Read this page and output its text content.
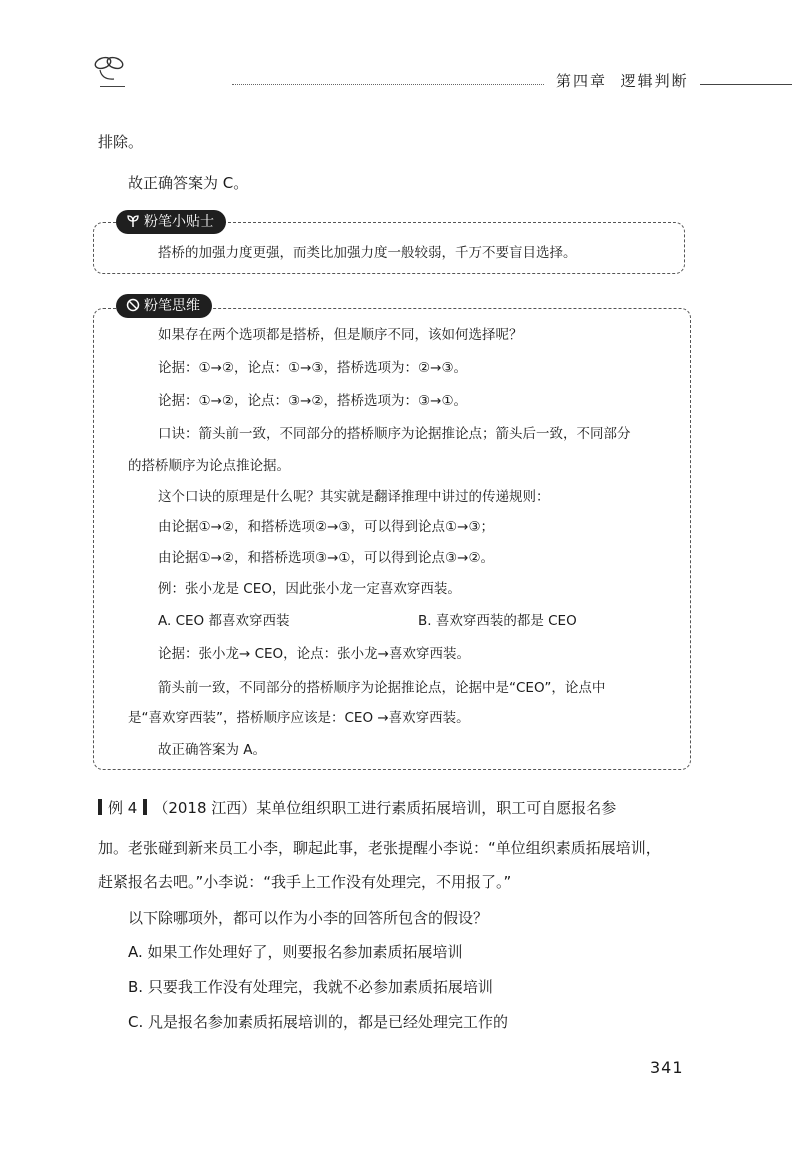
第四章 逻辑判断
排除。
故正确答案为 C。
粉笔小贴士
搭桥的加强力度更强，而类比加强力度一般较弱，千万不要盲目选择。
粉笔思维
如果存在两个选项都是搭桥，但是顺序不同，该如何选择呢？
论据：①→②，论点：①→③，搭桥选项为：②→③。
论据：①→②，论点：③→②，搭桥选项为：③→①。
口诀：箭头前一致，不同部分的搭桥顺序为论据推论点；箭头后一致，不同部分
的搭桥顺序为论点推论据。
这个口诀的原理是什么呢？其实就是翻译推理中讲过的传递规则：
由论据①→②，和搭桥选项②→③，可以得到论点①→③；
由论据①→②，和搭桥选项③→①，可以得到论点③→②。
例：张小龙是 CEO，因此张小龙一定喜欢穿西装。
A. CEO 都喜欢穿西装	B. 喜欢穿西装的都是 CEO
论据：张小龙→ CEO，论点：张小龙→喜欢穿西装。
箭头前一致，不同部分的搭桥顺序为论据推论点，论据中是“CEO”，论点中
是“喜欢穿西装”，搭桥顺序应该是：CEO →喜欢穿西装。
故正确答案为 A。
例 4 （2018 江西）某单位组织职工进行素质拓展培训，职工可自愿报名参
加。老张碰到新来员工小李，聊起此事，老张提醒小李说：“单位组织素质拓展培训，
赶紧报名去吧。”小李说：“我手上工作没有处理完，不用报了。”
以下除哪项外，都可以作为小李的回答所包含的假设？
A. 如果工作处理好了，则要报名参加素质拓展培训
B. 只要我工作没有处理完，我就不必参加素质拓展培训
C. 凡是报名参加素质拓展培训的，都是已经处理完工作的
341
